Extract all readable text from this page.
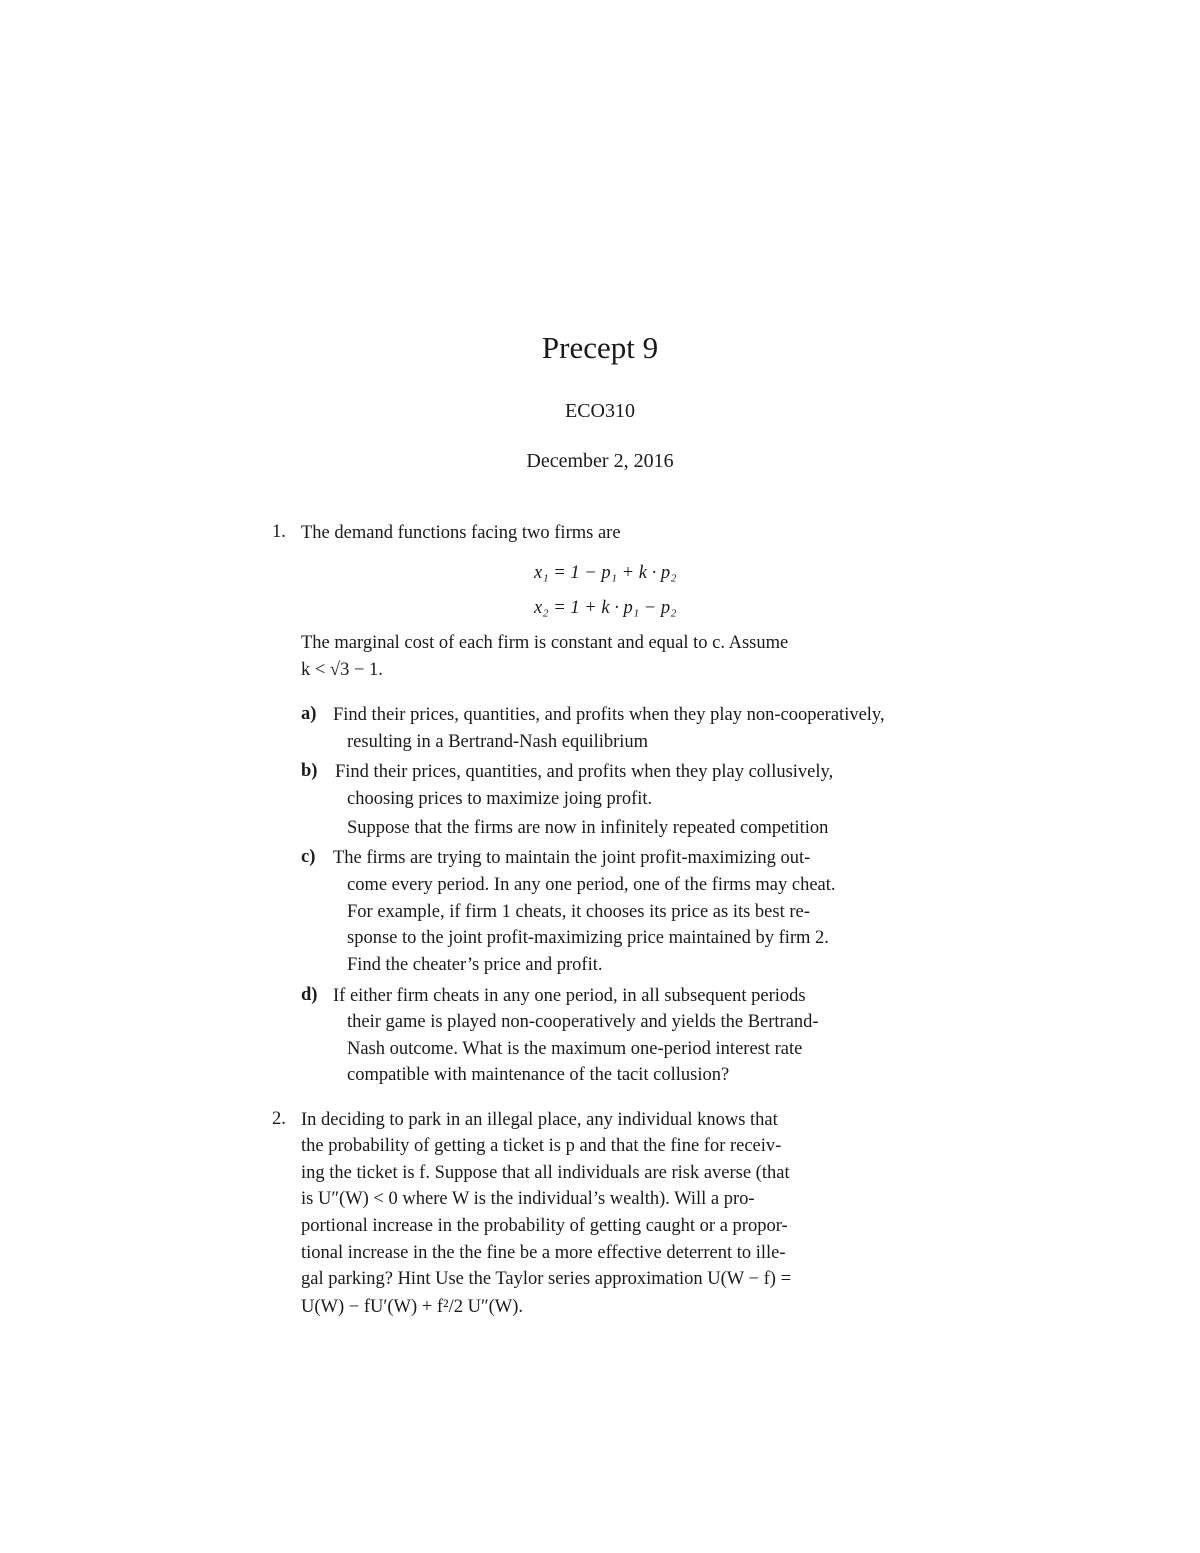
Precept 9
ECO310
December 2, 2016
1. The demand functions facing two firms are
x₁ = 1 − p₁ + k · p₂
x₂ = 1 + k · p₁ − p₂
The marginal cost of each firm is constant and equal to c. Assume
k < √3 − 1.
a) Find their prices, quantities, and profits when they play non-cooperatively,
resulting in a Bertrand-Nash equilibrium
b) Find their prices, quantities, and profits when they play collusively,
choosing prices to maximize joing profit.
Suppose that the firms are now in infinitely repeated competition
c) The firms are trying to maintain the joint profit-maximizing out-
come every period. In any one period, one of the firms may cheat.
For example, if firm 1 cheats, it chooses its price as its best re-
sponse to the joint profit-maximizing price maintained by firm 2.
Find the cheater’s price and profit.
d) If either firm cheats in any one period, in all subsequent periods
their game is played non-cooperatively and yields the Bertrand-
Nash outcome. What is the maximum one-period interest rate
compatible with maintenance of the tacit collusion?
2. In deciding to park in an illegal place, any individual knows that
the probability of getting a ticket is p and that the fine for receiv-
ing the ticket is f. Suppose that all individuals are risk averse (that
is U″(W) < 0 where W is the individual’s wealth). Will a pro-
portional increase in the probability of getting caught or a propor-
tional increase in the the fine be a more effective deterrent to ille-
gal parking? Hint Use the Taylor series approximation U(W − f) =
U(W) − fU′(W) + f²/2 U″(W).
